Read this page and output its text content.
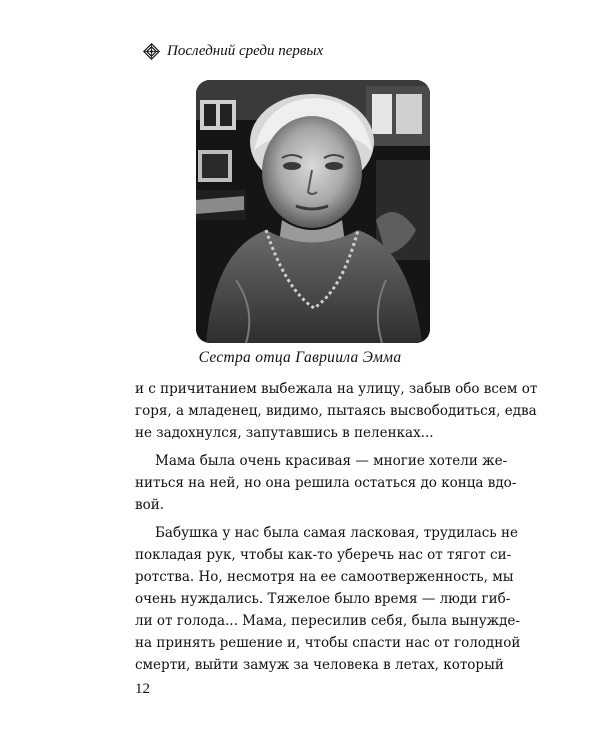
Последний среди первых
Сестра отца Гавриила Эмма
и с причитанием выбежала на улицу, забыв обо всем от
горя, а младенец, видимо, пытаясь высвободиться, едва
не задохнулся, запутавшись в пеленках...
Мама была очень красивая — многие хотели же-
ниться на ней, но она решила остаться до конца вдо-
вой.
Бабушка у нас была самая ласковая, трудилась не
покладая рук, чтобы как-то уберечь нас от тягот си-
ротства. Но, несмотря на ее самоотверженность, мы
очень нуждались. Тяжелое было время — люди гиб-
ли от голода... Мама, пересилив себя, была вынужде-
на принять решение и, чтобы спасти нас от голодной
смерти, выйти замуж за человека в летах, который
12
